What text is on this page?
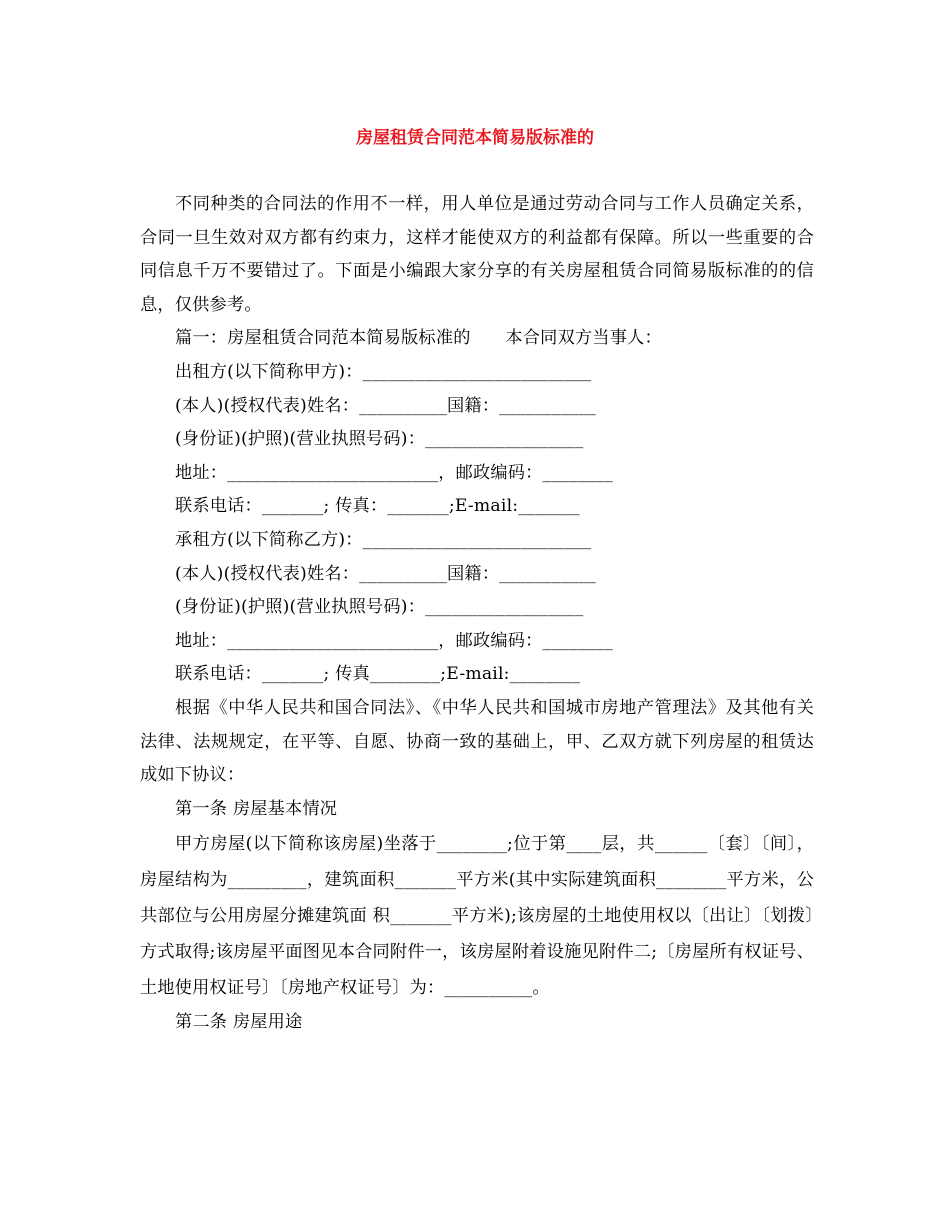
房屋租赁合同范本简易版标准的

不同种类的合同法的作用不一样，用人单位是通过劳动合同与工作人员确定关系，合同一旦生效对双方都有约束力，这样才能使双方的利益都有保障。所以一些重要的合同信息千万不要错过了。下面是小编跟大家分享的有关房屋租赁合同简易版标准的的信息，仅供参考。

篇一：房屋租赁合同范本简易版标准的　　本合同双方当事人：

出租方(以下简称甲方)：__________________________

(本人)(授权代表)姓名：__________国籍：___________

(身份证)(护照)(营业执照号码)：__________________

地址：________________________，邮政编码：________

联系电话：_______; 传真：_______;E-mail:_______

承租方(以下简称乙方)：__________________________

(本人)(授权代表)姓名：__________国籍：___________

(身份证)(护照)(营业执照号码)：__________________

地址：________________________，邮政编码：________

联系电话：_______; 传真________;E-mail:________

根据《中华人民共和国合同法》、《中华人民共和国城市房地产管理法》及其他有关法律、法规规定，在平等、自愿、协商一致的基础上，甲、乙双方就下列房屋的租赁达成如下协议：

第一条 房屋基本情况

甲方房屋(以下简称该房屋)坐落于________;位于第____层，共______〔套〕〔间〕，房屋结构为_________，建筑面积_______平方米(其中实际建筑面积________平方米，公共部位与公用房屋分摊建筑面 积_______平方米);该房屋的土地使用权以〔出让〕〔划拨〕方式取得;该房屋平面图见本合同附件一，该房屋附着设施见附件二;〔房屋所有权证号、土地使用权证号〕〔房地产权证号〕为：__________。

第二条 房屋用途
